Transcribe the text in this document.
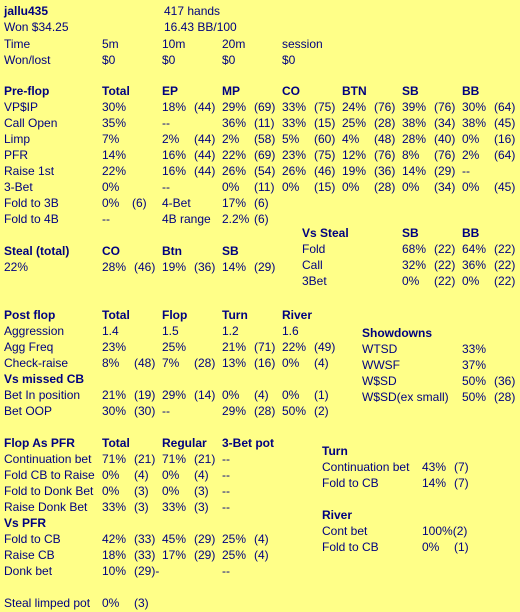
jallu435	417 hands
Won $34.25	16.43 BB/100
Time	5m	10m	20m	session
Won/lost	$0	$0	$0	$0
Pre-flop	Total	EP	MP	CO	BTN	SB	BB
VP$IP	30%	18% (44) 29% (69) 33% (75) 24% (76) 39% (76) 30% (64)
Call Open	35%	--	36% (11) 33% (15) 25% (28) 38% (34) 38% (45)
Limp	7%	2% (44) 2% (58) 5% (60) 4% (48) 28% (40) 0% (16)
PFR	14%	16% (44) 22% (69) 23% (75) 12% (76) 8% (76) 2% (64)
Raise 1st	22%	16% (44) 26% (54) 26% (46) 19% (36) 14% (29) --
3-Bet	0%	--	0% (11) 0% (15) 0% (28) 0% (34) 0% (45)
Fold to 3B	0% (6) 4-Bet	17% (6)
Fold to 4B	--	4B range 2.2% (6)
Vs Steal	SB	BB
Fold	68% (22) 64% (22)
Call	32% (22) 36% (22)
3Bet	0% (22) 0% (22)
Steal (total)	CO	Btn	SB
22%	28% (46) 19% (36) 14% (29)
Post flop	Total	Flop	Turn	River
Aggression	1.4	1.5	1.2	1.6
Agg Freq	23%	25%	21% (71) 22% (49)
Check-raise	8% (48) 7% (28) 13% (16) 0% (4)
Vs missed CB
Bet In position 21% (19) 29% (14) 0% (4) 0% (1)
Bet OOP	30% (30) --	29% (28) 50% (2)
Showdowns
WTSD	33%
WWSF	37%
W$SD	50% (36)
W$SD(ex small) 50% (28)
Flop As PFR Total	Regular 3-Bet pot
Continuation bet 71% (21) 71% (21) --
Fold CB to Raise 0% (4) 0% (4) --
Fold to Donk Bet 0% (3) 0% (3) --
Raise Donk Bet 33% (3) 33% (3) --
Vs PFR
Fold to CB	42% (33) 45% (29) 25% (4)
Raise CB	18% (33) 17% (29) 25% (4)
Donk bet	10% (29)-	--
Steal limped pot 0% (3)
Turn
Continuation bet 43% (7)
Fold to CB	14% (7)
River
Cont bet	100%(2)
Fold to CB	0% (1)
